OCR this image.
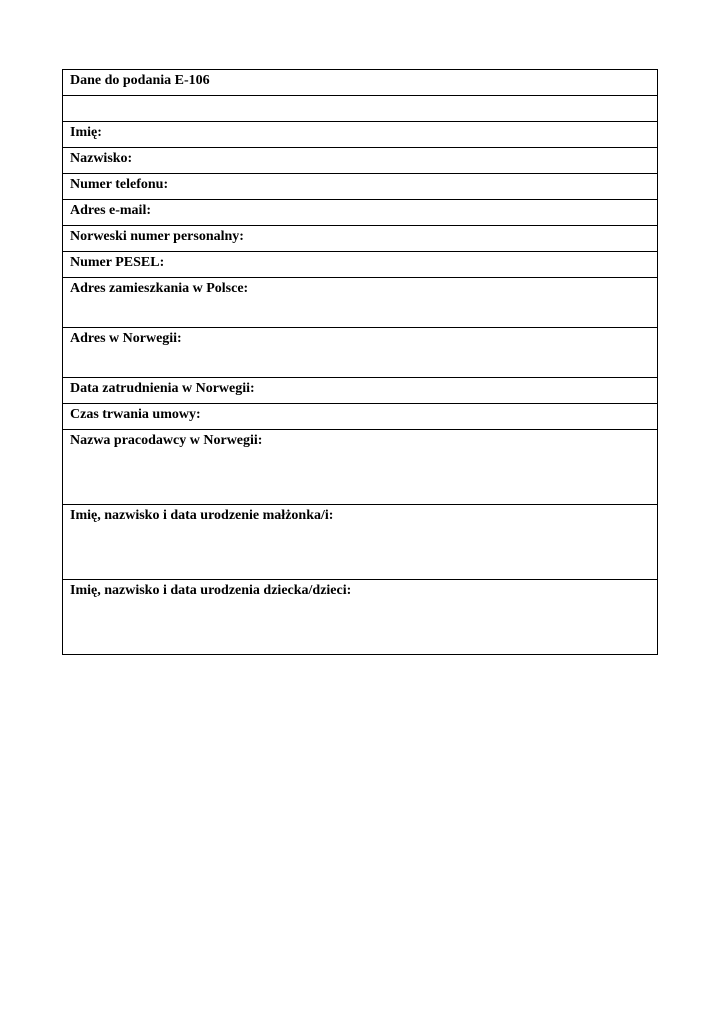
Dane do podania E-106

Imię:
Nazwisko:
Numer telefonu:
Adres e-mail:
Norweski numer personalny:
Numer PESEL:
Adres zamieszkania w Polsce:
Adres w Norwegii:
Data zatrudnienia w Norwegii:
Czas trwania umowy:
Nazwa pracodawcy w Norwegii:
Imię, nazwisko i data urodzenie małżonka/i:
Imię, nazwisko i data urodzenia dziecka/dzieci:
